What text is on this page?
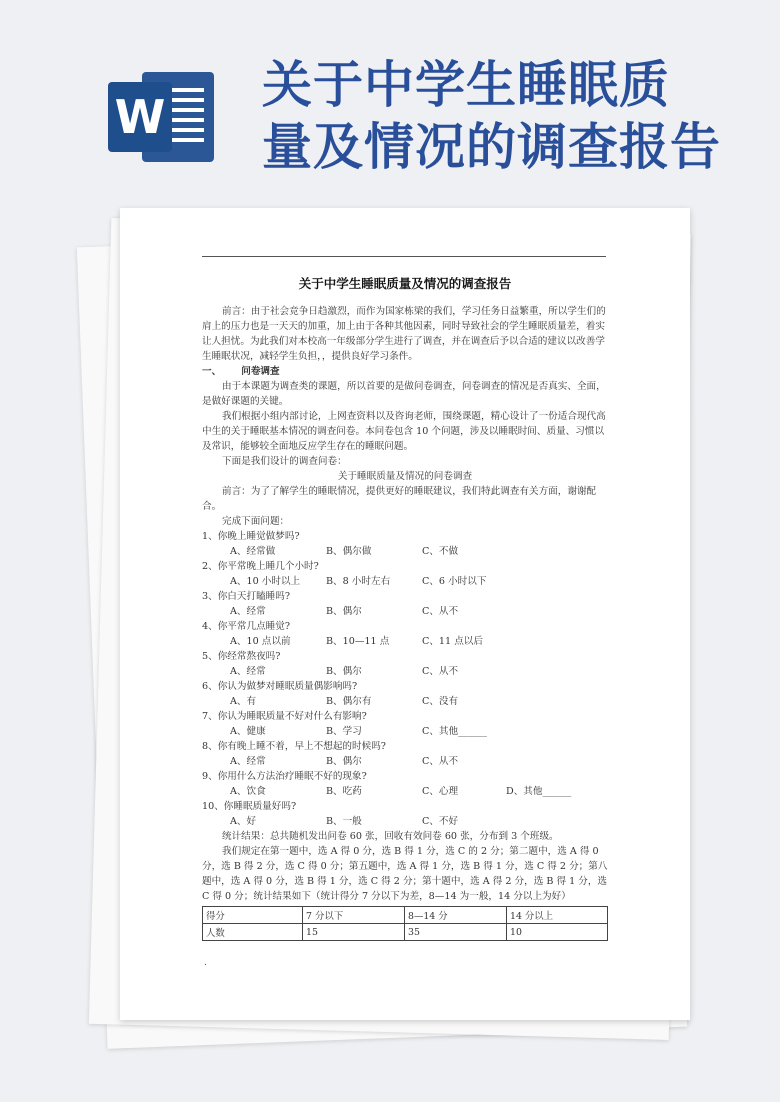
W
关于中学生睡眠质
量及情况的调查报告
关于中学生睡眠质量及情况的调查报告

前言：由于社会竞争日趋激烈，而作为国家栋梁的我们，学习任务日益繁重，所以学生们的肩上的压力也是一天天的加重，加上由于各种其他因素，同时导致社会的学生睡眠质量差，着实让人担忧。为此我们对本校高一年级部分学生进行了调查，并在调查后予以合适的建议以改善学生睡眠状况，减轻学生负担，，提供良好学习条件。

一、 问卷调查

由于本课题为调查类的课题，所以首要的是做问卷调查，问卷调查的情况是否真实、全面，是做好课题的关键。

我们根据小组内部讨论，上网查资料以及咨询老师，围绕课题，精心设计了一份适合现代高中生的关于睡眠基本情况的调查问卷。本问卷包含 10 个问题，涉及以睡眠时间、质量、习惯以及常识，能够较全面地反应学生存在的睡眠问题。

下面是我们设计的调查问卷：

关于睡眠质量及情况的问卷调查

前言：为了了解学生的睡眠情况，提供更好的睡眠建议，我们特此调查有关方面，谢谢配合。

完成下面问题：

1、你晚上睡觉做梦吗?

A、经常做	B、偶尔做	C、不做

2、你平常晚上睡几个小时?

A、10 小时以上	B、8 小时左右	C、6 小时以下

3、你白天打瞌睡吗?

A、经常	B、偶尔	C、从不

4、你平常几点睡觉?

A、10 点以前	B、10—11 点	C、11 点以后

5、你经常熬夜吗?

A、经常	B、偶尔	C、从不

6、你认为做梦对睡眠质量偶影响吗?

A、有	B、偶尔有	C、没有

7、你认为睡眠质量不好对什么有影响?

A、健康	B、学习	C、其他______

8、你有晚上睡不着，早上不想起的时候吗?

A、经常	B、偶尔	C、从不

9、你用什么方法治疗睡眠不好的现象?

A、饮食	B、吃药	C、心理	D、其他______

10、你睡眠质量好吗?

A、好	B、一般	C、不好

统计结果：总共随机发出问卷 60 张，回收有效问卷 60 张，分布到 3 个班级。

我们规定在第一题中，选 A 得 0 分，选 B 得 1 分，选 C 的 2 分；第二题中，选 A 得 0 分，选 B 得 2 分，选 C 得 0 分；第五题中，选 A 得 1 分，选 B 得 1 分，选 C 得 2 分；第八题中，选 A 得 0 分，选 B 得 1 分，选 C 得 2 分；第十题中，选 A 得 2 分，选 B 得 1 分，选 C 得 0 分；统计结果如下（统计得分 7 分以下为差，8—14 为一般，14 分以上为好）

得分	7 分以下	8—14 分	14 分以上
人数	15	35	10
.
